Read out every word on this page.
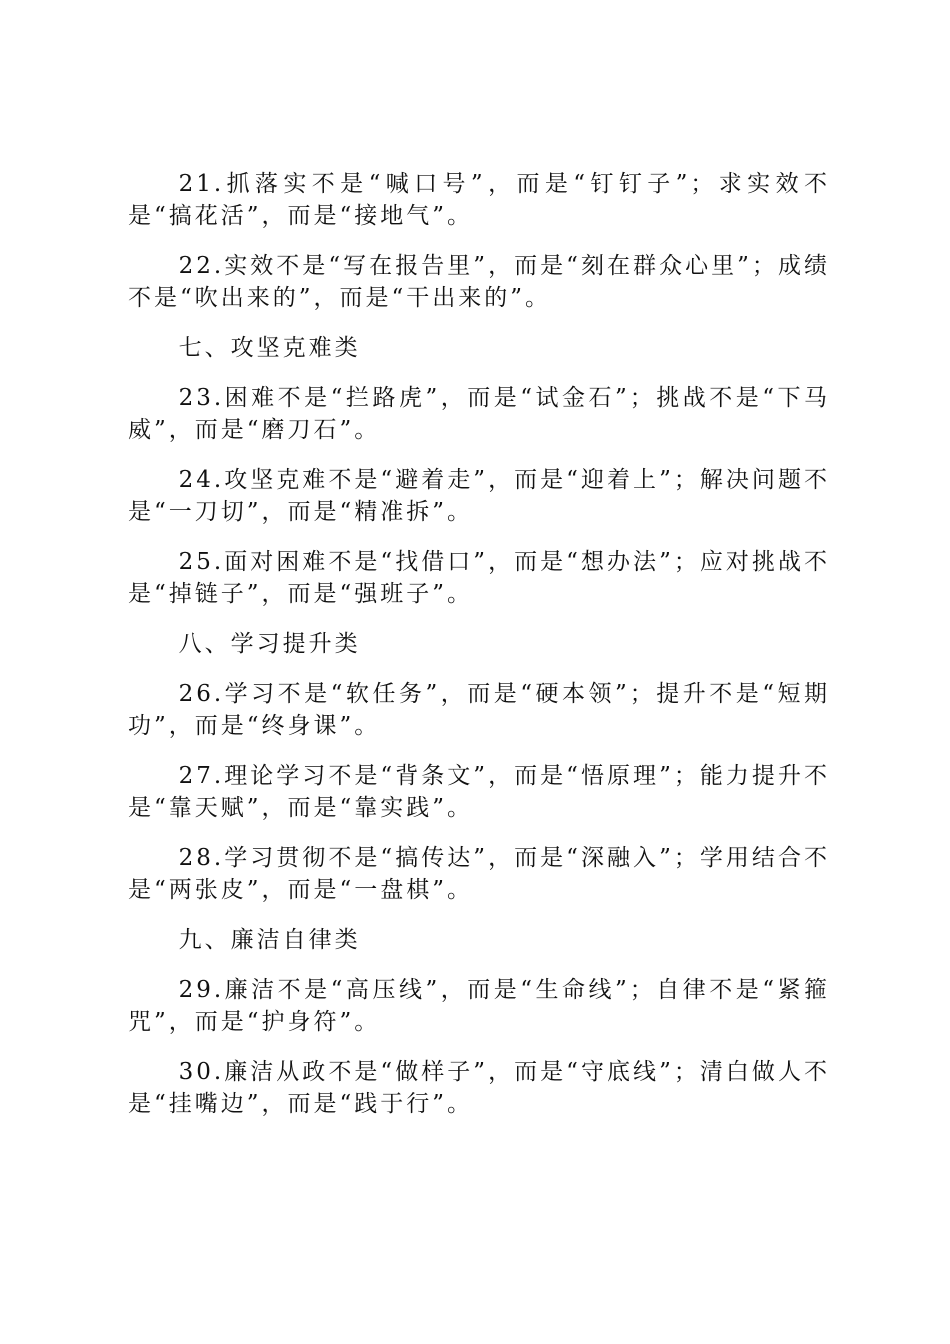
21.抓落实不是“喊口号”，而是“钉钉子”；求实效不是“搞花活”，而是“接地气”。

22.实效不是“写在报告里”，而是“刻在群众心里”；成绩不是“吹出来的”，而是“干出来的”。

七、攻坚克难类

23.困难不是“拦路虎”，而是“试金石”；挑战不是“下马威”，而是“磨刀石”。

24.攻坚克难不是“避着走”，而是“迎着上”；解决问题不是“一刀切”，而是“精准拆”。

25.面对困难不是“找借口”，而是“想办法”；应对挑战不是“掉链子”，而是“强班子”。

八、学习提升类

26.学习不是“软任务”，而是“硬本领”；提升不是“短期功”，而是“终身课”。

27.理论学习不是“背条文”，而是“悟原理”；能力提升不是“靠天赋”，而是“靠实践”。

28.学习贯彻不是“搞传达”，而是“深融入”；学用结合不是“两张皮”，而是“一盘棋”。

九、廉洁自律类

29.廉洁不是“高压线”，而是“生命线”；自律不是“紧箍咒”，而是“护身符”。

30.廉洁从政不是“做样子”，而是“守底线”；清白做人不是“挂嘴边”，而是“践于行”。
